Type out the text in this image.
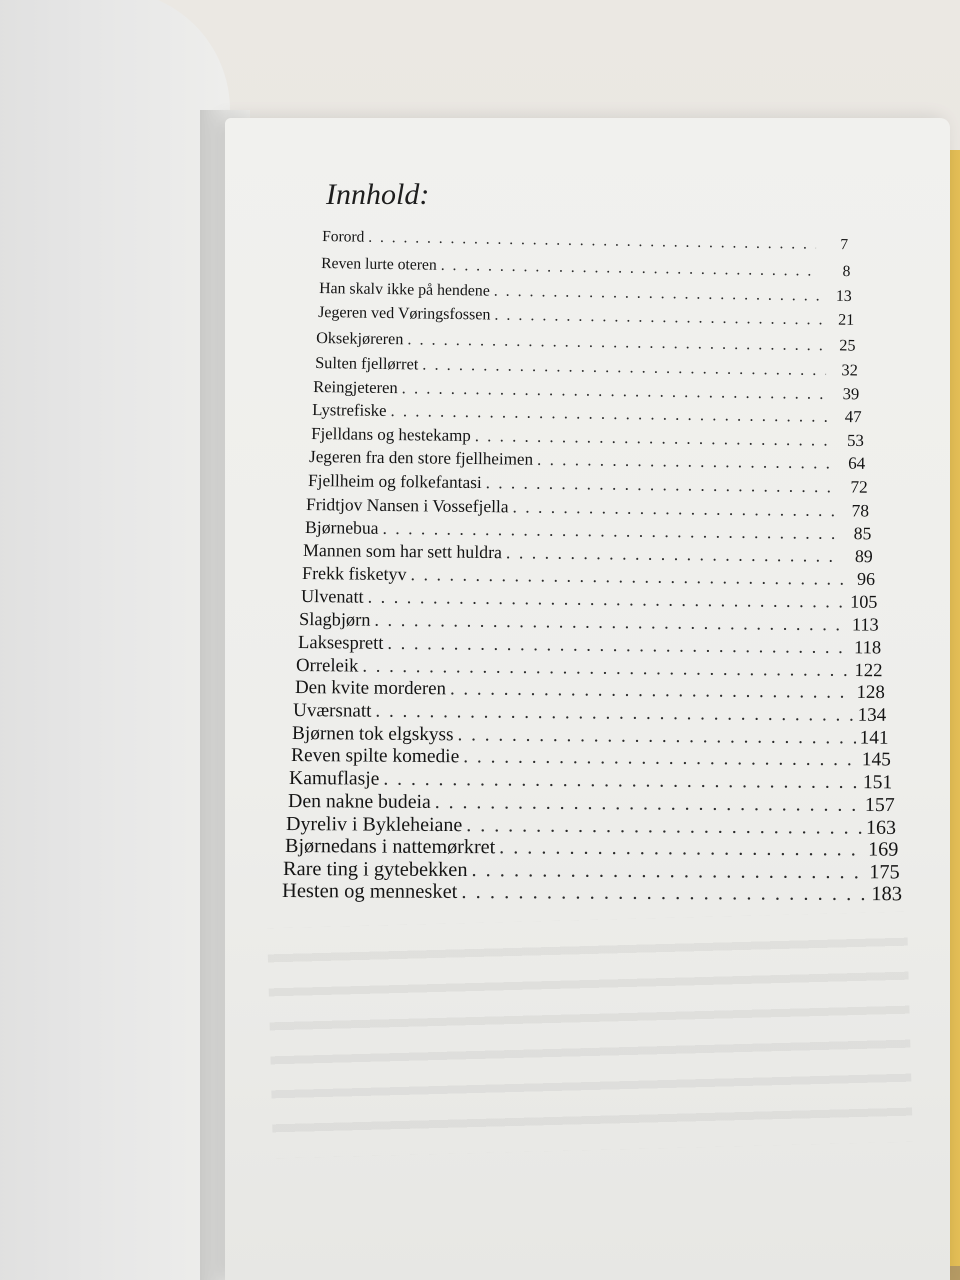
Innhold:
Forord . . .	7
Reven lurte oteren . . .	8
Han skalv ikke på hendene . . .	13
Jegeren ved Vøringsfossen . . .	21
Oksekjøreren . . .	25
Sulten fjellørret . . .	32
Reingjeteren . . .	39
Lystrefiske . . .	47
Fjelldans og hestekamp . . .	53
Jegeren fra den store fjellheimen . . .	64
Fjellheim og folkefantasi . . .	72
Fridtjov Nansen i Vossefjella . . .	78
Bjørnebua . . .	85
Mannen som har sett huldra . . .	89
Frekk fisketyv . . .	96
Ulvenatt . . .	105
Slagbjørn . . .	113
Laksesprett . . .	118
Orreleik . . .	122
Den kvite morderen . . .	128
Uværsnatt . . .	134
Bjørnen tok elgskyss . . .	141
Reven spilte komedie . . .	145
Kamuflasje . . .	151
Den nakne budeia . . .	157
Dyreliv i Bykleheiane . . .	163
Bjørnedans i nattemørkret . . .	169
Rare ting i gytebekken . . .	175
Hesten og mennesket . . .	183
